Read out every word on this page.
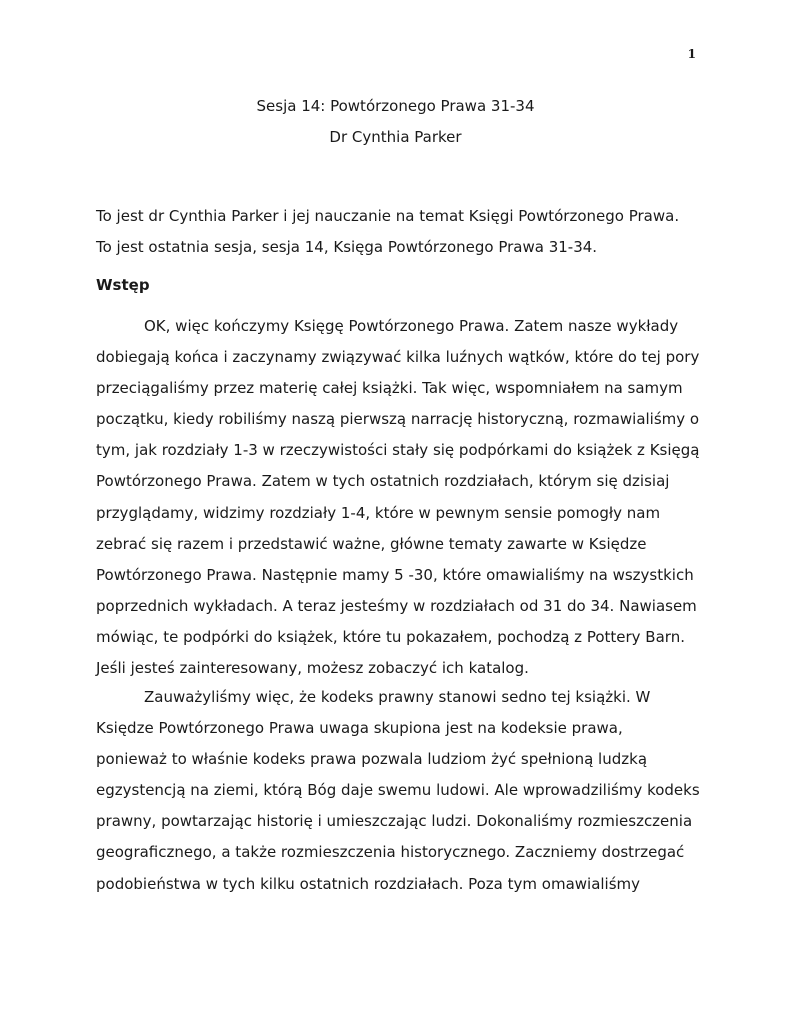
1
Sesja 14: Powtórzonego Prawa 31-34
Dr Cynthia Parker
To jest dr Cynthia Parker i jej nauczanie na temat Księgi Powtórzonego Prawa.
To jest ostatnia sesja, sesja 14, Księga Powtórzonego Prawa 31-34.
Wstęp
OK, więc kończymy Księgę Powtórzonego Prawa. Zatem nasze wykłady
dobiegają końca i zaczynamy związywać kilka luźnych wątków, które do tej pory
przeciągaliśmy przez materię całej książki. Tak więc, wspomniałem na samym
początku, kiedy robiliśmy naszą pierwszą narrację historyczną, rozmawialiśmy o
tym, jak rozdziały 1-3 w rzeczywistości stały się podpórkami do książek z Księgą
Powtórzonego Prawa. Zatem w tych ostatnich rozdziałach, którym się dzisiaj
przyglądamy, widzimy rozdziały 1-4, które w pewnym sensie pomogły nam
zebrać się razem i przedstawić ważne, główne tematy zawarte w Księdze
Powtórzonego Prawa. Następnie mamy 5 -30, które omawialiśmy na wszystkich
poprzednich wykładach. A teraz jesteśmy w rozdziałach od 31 do 34. Nawiasem
mówiąc, te podpórki do książek, które tu pokazałem, pochodzą z Pottery Barn.
Jeśli jesteś zainteresowany, możesz zobaczyć ich katalog.
Zauważyliśmy więc, że kodeks prawny stanowi sedno tej książki. W
Księdze Powtórzonego Prawa uwaga skupiona jest na kodeksie prawa,
ponieważ to właśnie kodeks prawa pozwala ludziom żyć spełnioną ludzką
egzystencją na ziemi, którą Bóg daje swemu ludowi. Ale wprowadziliśmy kodeks
prawny, powtarzając historię i umieszczając ludzi. Dokonaliśmy rozmieszczenia
geograficznego, a także rozmieszczenia historycznego. Zaczniemy dostrzegać
podobieństwa w tych kilku ostatnich rozdziałach. Poza tym omawialiśmy
